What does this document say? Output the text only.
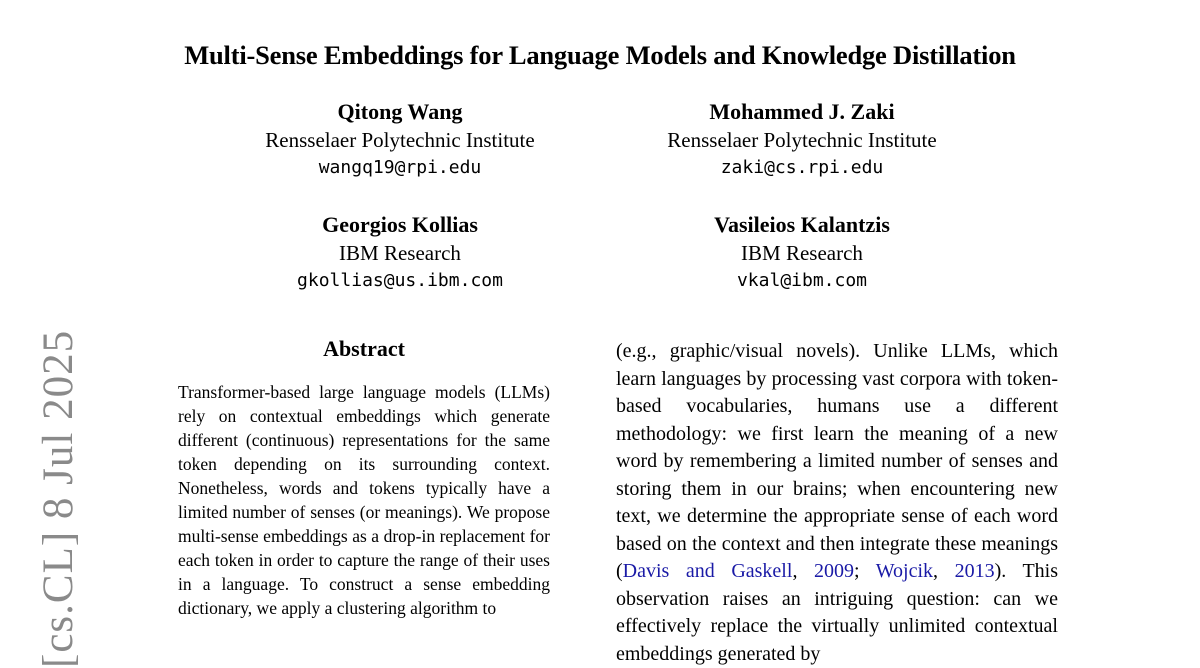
Multi-Sense Embeddings for Language Models and Knowledge Distillation
Qitong Wang
Rensselaer Polytechnic Institute
wangq19@rpi.edu
Mohammed J. Zaki
Rensselaer Polytechnic Institute
zaki@cs.rpi.edu
Georgios Kollias
IBM Research
gkollias@us.ibm.com
Vasileios Kalantzis
IBM Research
vkal@ibm.com
[cs.CL] 8 Jul 2025	Abstract
Transformer-based large language models (LLMs) rely on contextual embeddings which generate different (continuous) representations for the same token depending on its surrounding context. Nonetheless, words and tokens typically have a limited number of senses (or meanings). We propose multi-sense embeddings as a drop-in replacement for each token in order to capture the range of their uses in a language. To construct a sense embedding dictionary, we apply a clustering algorithm to
(e.g., graphic/visual novels). Unlike LLMs, which learn languages by processing vast corpora with token-based vocabularies, humans use a different methodology: we first learn the meaning of a new word by remembering a limited number of senses and storing them in our brains; when encountering new text, we determine the appropriate sense of each word based on the context and then integrate these meanings (Davis and Gaskell, 2009; Wojcik, 2013). This observation raises an intriguing question: can we effectively replace the virtually unlimited contextual embeddings generated by
